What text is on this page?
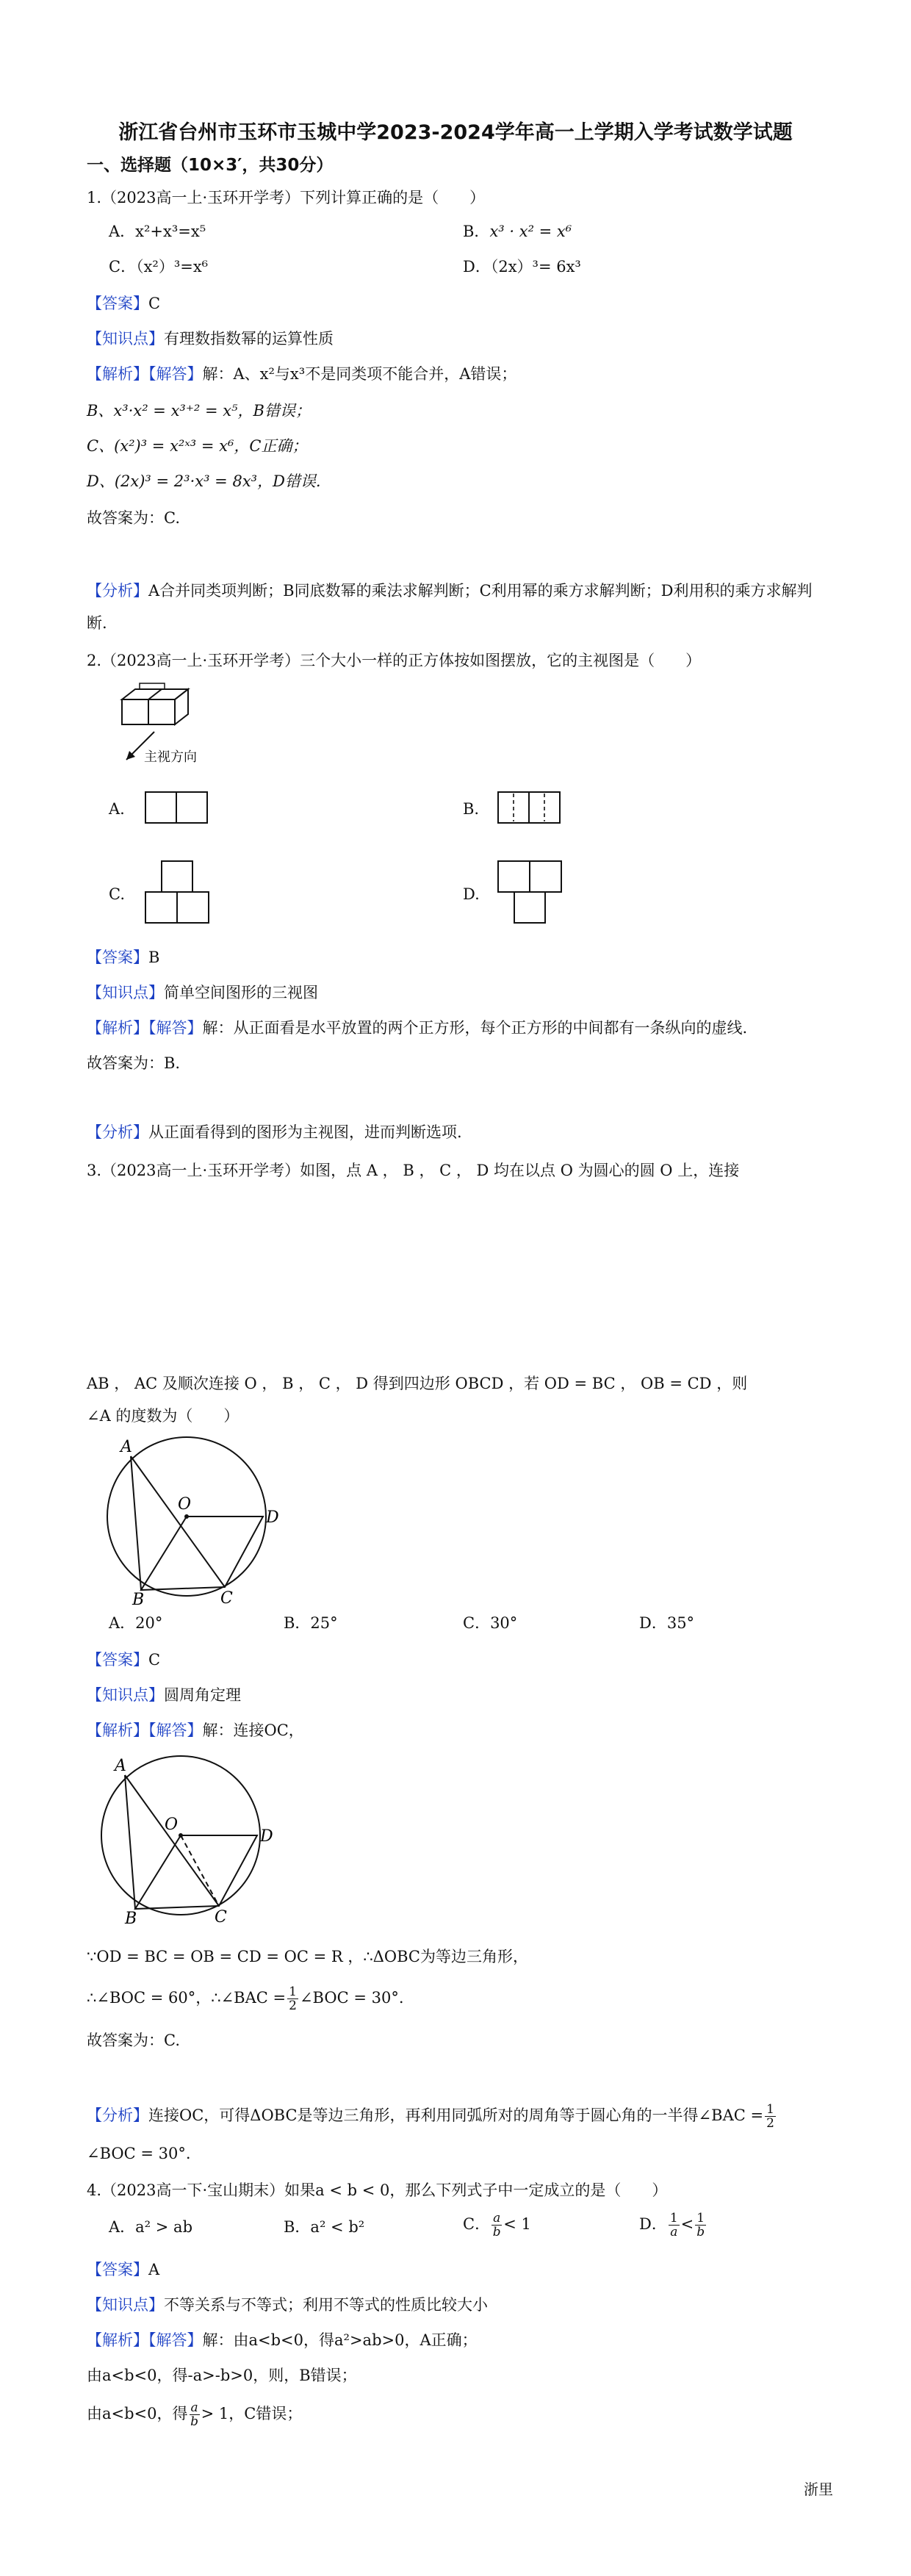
浙江省台州市玉环市玉城中学2023-2024学年高一上学期入学考试数学试题
一、选择题（10×3′，共30分）
1.（2023高一上·玉环开学考）下列计算正确的是（　　）
A．x²+x³=x⁵	B．x³ · x² = x⁶
C．（x²）³=x⁶	D．（2x）³= 6x³
【答案】C
【知识点】有理数指数幂的运算性质
【解析】【解答】解：A、x²与x³不是同类项不能合并，A错误；
B、x³·x² = x³⁺² = x⁵，B错误；
C、(x²)³ = x²ˣ³ = x⁶，C正确；
D、(2x)³ = 2³·x³ = 8x³，D错误.
故答案为：C.
【分析】A合并同类项判断；B同底数幂的乘法求解判断；C利用幂的乘方求解判断；D利用积的乘方求解判断.
2.（2023高一上·玉环开学考）三个大小一样的正方体按如图摆放，它的主视图是（　　）
主视方向
A.	B.
C.	D.
【答案】B
【知识点】简单空间图形的三视图
【解析】【解答】解：从正面看是水平放置的两个正方形，每个正方形的中间都有一条纵向的虚线.
故答案为：B.
【分析】从正面看得到的图形为主视图，进而判断选项.
3.（2023高一上·玉环开学考）如图，点 A ， B ， C ， D 均在以点 O 为圆心的圆 O 上，连接
AB ， AC 及顺次连接 O ， B ， C ， D 得到四边形 OBCD ，若 OD = BC ， OB = CD ，则
∠A 的度数为（　　）
A
O
D
B	C
A．20°	B．25°	C．30°	D．35°
【答案】C
【知识点】圆周角定理
【解析】【解答】解：连接OC，
A
O
D
B	C
∵OD = BC = OB = CD = OC = R ，∴ΔOBC为等边三角形，
∴∠BOC = 60°，∴∠BAC = $\frac{1}{2}$ ∠BOC = 30°.
故答案为：C.
【分析】连接OC，可得ΔOBC是等边三角形，再利用同弧所对的周角等于圆心角的一半得∠BAC = $\frac{1}{2}$
∠BOC = 30°.
4.（2023高一下·宝山期末）如果a < b < 0，那么下列式子中一定成立的是（　　）
A．a² > ab	B．a² < b²	C． $\frac{a}{b} < 1$	D． $\frac{1}{a} < \frac{1}{b}$
【答案】A
【知识点】不等关系与不等式；利用不等式的性质比较大小
【解析】【解答】解：由a<b<0，得a²>ab>0，A正确；
由a<b<0，得-a>-b>0，则，B错误；
由a<b<0，得 $\frac{a}{b} > 1$，C错误；
浙里
